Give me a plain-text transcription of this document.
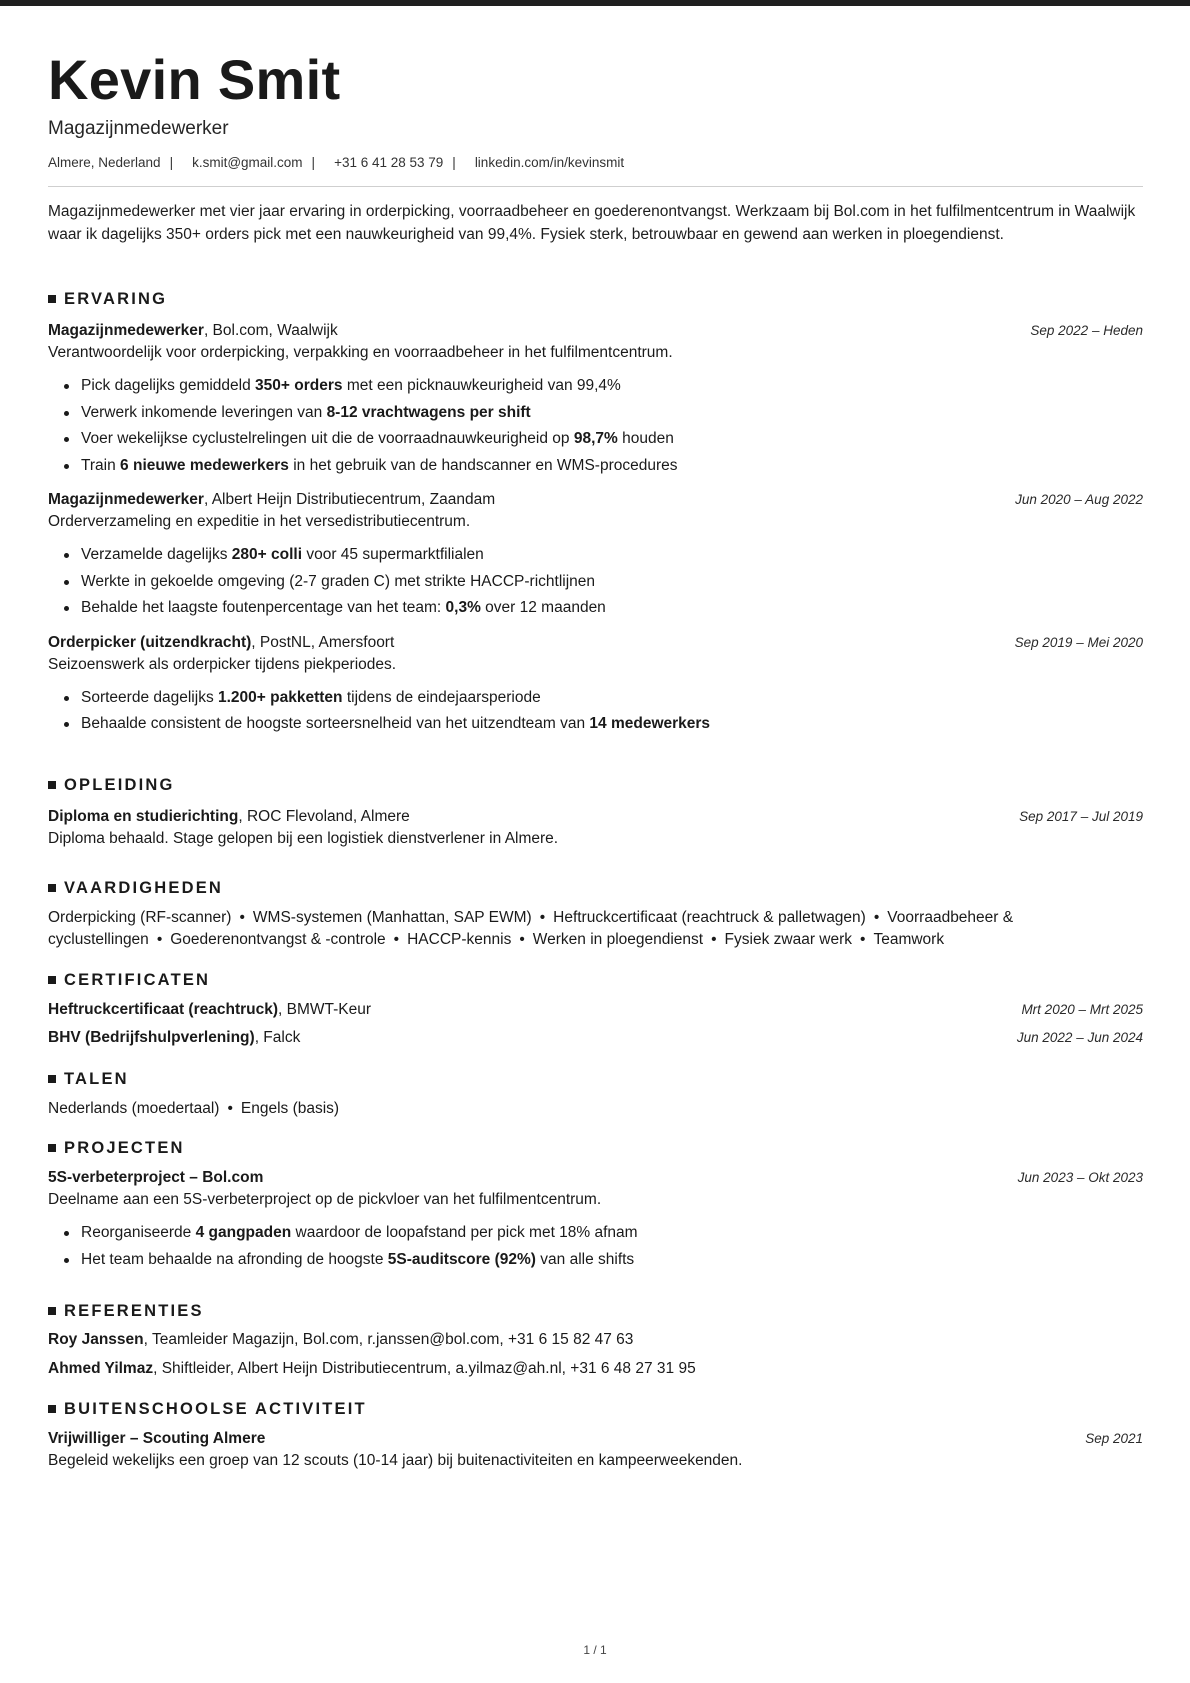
Kevin Smit
Magazijnmedewerker
Almere, Nederland |	k.smit@gmail.com |	+31 6 41 28 53 79 |	linkedin.com/in/kevinsmit
Magazijnmedewerker met vier jaar ervaring in orderpicking, voorraadbeheer en goederenontvangst. Werkzaam bij Bol.com in het fulfilmentcentrum in Waalwijk waar ik dagelijks 350+ orders pick met een nauwkeurigheid van 99,4%. Fysiek sterk, betrouwbaar en gewend aan werken in ploegendienst.
ERVARING
Magazijnmedewerker, Bol.com, Waalwijk	Sep 2022 – Heden
Verantwoordelijk voor orderpicking, verpakking en voorraadbeheer in het fulfilmentcentrum.
Pick dagelijks gemiddeld 350+ orders met een picknauwkeurigheid van 99,4%
Verwerk inkomende leveringen van 8-12 vrachtwagens per shift
Voer wekelijkse cyclustelrelingen uit die de voorraadnauwkeurigheid op 98,7% houden
Train 6 nieuwe medewerkers in het gebruik van de handscanner en WMS-procedures
Magazijnmedewerker, Albert Heijn Distributiecentrum, Zaandam	Jun 2020 – Aug 2022
Orderverzameling en expeditie in het versedistributiecentrum.
Verzamelde dagelijks 280+ colli voor 45 supermarktfilialen
Werkte in gekoelde omgeving (2-7 graden C) met strikte HACCP-richtlijnen
Behalde het laagste foutenpercentage van het team: 0,3% over 12 maanden
Orderpicker (uitzendkracht), PostNL, Amersfoort	Sep 2019 – Mei 2020
Seizoenswerk als orderpicker tijdens piekperiodes.
Sorteerde dagelijks 1.200+ pakketten tijdens de eindejaarsperiode
Behaalde consistent de hoogste sorteersnelheid van het uitzendteam van 14 medewerkers
OPLEIDING
Diploma en studierichting, ROC Flevoland, Almere	Sep 2017 – Jul 2019
Diploma behaald. Stage gelopen bij een logistiek dienstverlener in Almere.
VAARDIGHEDEN
Orderpicking (RF-scanner) • WMS-systemen (Manhattan, SAP EWM) • Heftruckcertificaat (reachtruck & palletwagen) • Voorraadbeheer &
cyclustellingen • Goederenontvangst & -controle • HACCP-kennis • Werken in ploegendienst • Fysiek zwaar werk • Teamwork
CERTIFICATEN
Heftruckcertificaat (reachtruck), BMWT-Keur	Mrt 2020 – Mrt 2025
BHV (Bedrijfshulpverlening), Falck	Jun 2022 – Jun 2024
TALEN
Nederlands (moedertaal) • Engels (basis)
PROJECTEN
5S-verbeterproject – Bol.com	Jun 2023 – Okt 2023
Deelname aan een 5S-verbeterproject op de pickvloer van het fulfilmentcentrum.
Reorganiseerde 4 gangpaden waardoor de loopafstand per pick met 18% afnam
Het team behaalde na afronding de hoogste 5S-auditscore (92%) van alle shifts
REFERENTIES
Roy Janssen, Teamleider Magazijn, Bol.com, r.janssen@bol.com, +31 6 15 82 47 63
Ahmed Yilmaz, Shiftleider, Albert Heijn Distributiecentrum, a.yilmaz@ah.nl, +31 6 48 27 31 95
BUITENSCHOOLSE ACTIVITEIT
Vrijwilliger – Scouting Almere	Sep 2021
Begeleid wekelijks een groep van 12 scouts (10-14 jaar) bij buitenactiviteiten en kampeerweekenden.
1 / 1
